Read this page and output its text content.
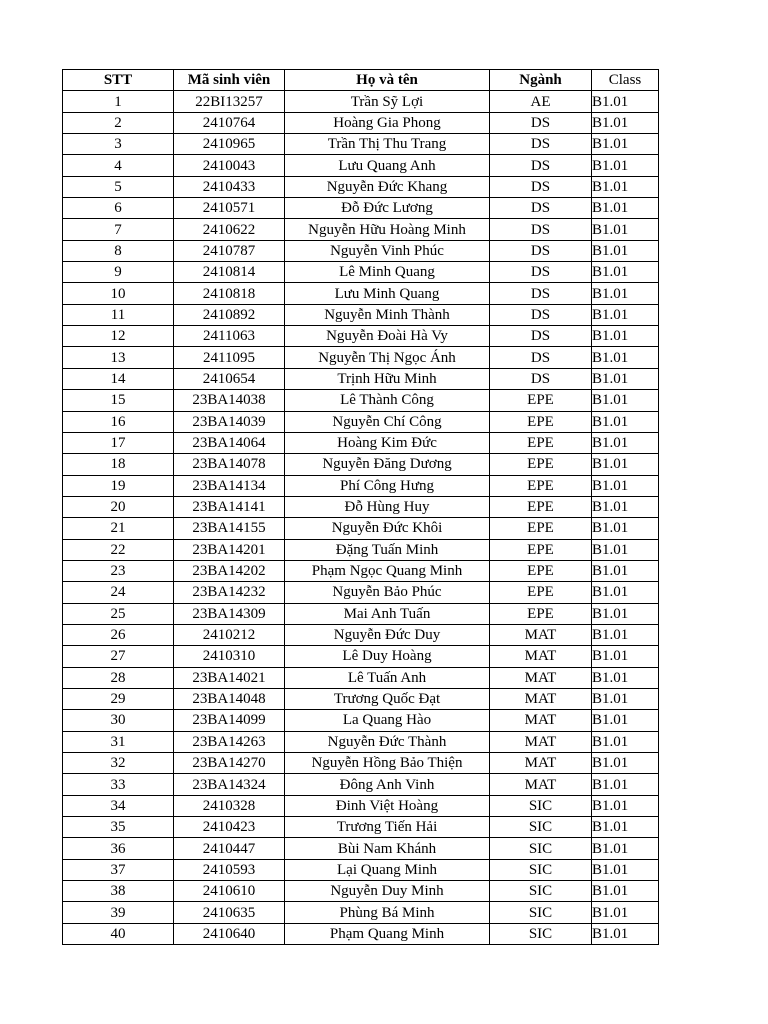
STT	Mã sinh viên	Họ và tên	Ngành	Class
1	22BI13257	Trần Sỹ Lợi	AE	B1.01
2	2410764	Hoàng Gia Phong	DS	B1.01
3	2410965	Trần Thị Thu Trang	DS	B1.01
4	2410043	Lưu Quang Anh	DS	B1.01
5	2410433	Nguyễn Đức Khang	DS	B1.01
6	2410571	Đỗ Đức Lương	DS	B1.01
7	2410622	Nguyễn Hữu Hoàng Minh	DS	B1.01
8	2410787	Nguyễn Vinh Phúc	DS	B1.01
9	2410814	Lê Minh Quang	DS	B1.01
10	2410818	Lưu Minh Quang	DS	B1.01
11	2410892	Nguyễn Minh Thành	DS	B1.01
12	2411063	Nguyễn Đoài Hà Vy	DS	B1.01
13	2411095	Nguyễn Thị Ngọc Ánh	DS	B1.01
14	2410654	Trịnh Hữu Minh	DS	B1.01
15	23BA14038	Lê Thành Công	EPE	B1.01
16	23BA14039	Nguyễn Chí Công	EPE	B1.01
17	23BA14064	Hoàng Kim Đức	EPE	B1.01
18	23BA14078	Nguyễn Đăng Dương	EPE	B1.01
19	23BA14134	Phí Công Hưng	EPE	B1.01
20	23BA14141	Đỗ Hùng Huy	EPE	B1.01
21	23BA14155	Nguyễn Đức Khôi	EPE	B1.01
22	23BA14201	Đặng Tuấn Minh	EPE	B1.01
23	23BA14202	Phạm Ngọc Quang Minh	EPE	B1.01
24	23BA14232	Nguyễn Bảo Phúc	EPE	B1.01
25	23BA14309	Mai Anh Tuấn	EPE	B1.01
26	2410212	Nguyễn Đức Duy	MAT	B1.01
27	2410310	Lê Duy Hoàng	MAT	B1.01
28	23BA14021	Lê Tuấn Anh	MAT	B1.01
29	23BA14048	Trương Quốc Đạt	MAT	B1.01
30	23BA14099	La Quang Hào	MAT	B1.01
31	23BA14263	Nguyễn Đức Thành	MAT	B1.01
32	23BA14270	Nguyễn Hồng Bảo Thiện	MAT	B1.01
33	23BA14324	Đông Anh Vinh	MAT	B1.01
34	2410328	Đinh Việt Hoàng	SIC	B1.01
35	2410423	Trương Tiến Hải	SIC	B1.01
36	2410447	Bùi Nam Khánh	SIC	B1.01
37	2410593	Lại Quang Minh	SIC	B1.01
38	2410610	Nguyễn Duy Minh	SIC	B1.01
39	2410635	Phùng Bá Minh	SIC	B1.01
40	2410640	Phạm Quang Minh	SIC	B1.01
